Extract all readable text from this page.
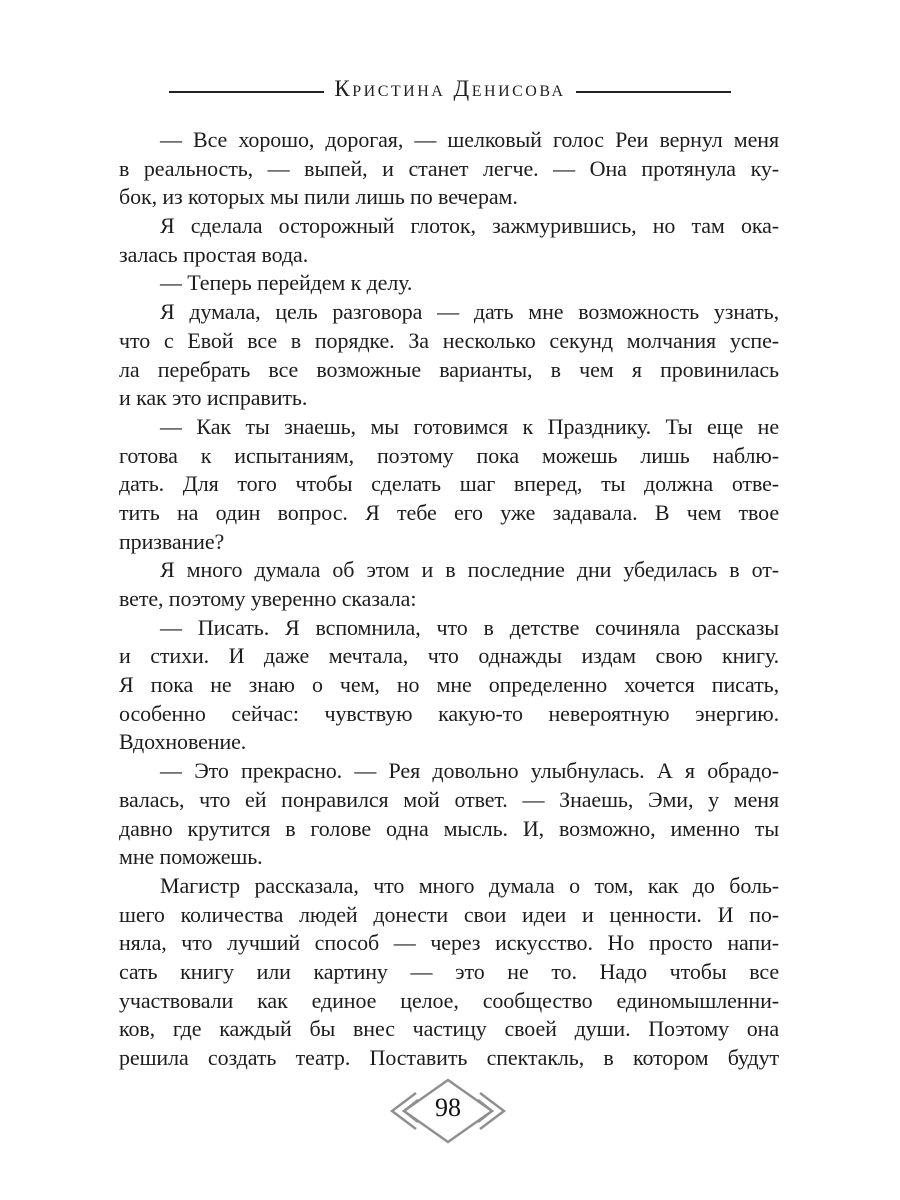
Кристина Денисова
— Все хорошо, дорогая, — шелковый голос Реи вернул меня
в реальность, — выпей, и станет легче. — Она протянула ку-
бок, из которых мы пили лишь по вечерам.
Я сделала осторожный глоток, зажмурившись, но там ока-
залась простая вода.
— Теперь перейдем к делу.
Я думала, цель разговора — дать мне возможность узнать,
что с Евой все в порядке. За несколько секунд молчания успе-
ла перебрать все возможные варианты, в чем я провинилась
и как это исправить.
— Как ты знаешь, мы готовимся к Празднику. Ты еще не
готова к испытаниям, поэтому пока можешь лишь наблю-
дать. Для того чтобы сделать шаг вперед, ты должна отве-
тить на один вопрос. Я тебе его уже задавала. В чем твое
призвание?
Я много думала об этом и в последние дни убедилась в от-
вете, поэтому уверенно сказала:
— Писать. Я вспомнила, что в детстве сочиняла рассказы
и стихи. И даже мечтала, что однажды издам свою книгу.
Я пока не знаю о чем, но мне определенно хочется писать,
особенно сейчас: чувствую какую-то невероятную энергию.
Вдохновение.
— Это прекрасно. — Рея довольно улыбнулась. А я обрадо-
валась, что ей понравился мой ответ. — Знаешь, Эми, у меня
давно крутится в голове одна мысль. И, возможно, именно ты
мне поможешь.
Магистр рассказала, что много думала о том, как до боль-
шего количества людей донести свои идеи и ценности. И по-
няла, что лучший способ — через искусство. Но просто напи-
сать книгу или картину — это не то. Надо чтобы все
участвовали как единое целое, сообщество единомышленни-
ков, где каждый бы внес частицу своей души. Поэтому она
решила создать театр. Поставить спектакль, в котором будут
98
